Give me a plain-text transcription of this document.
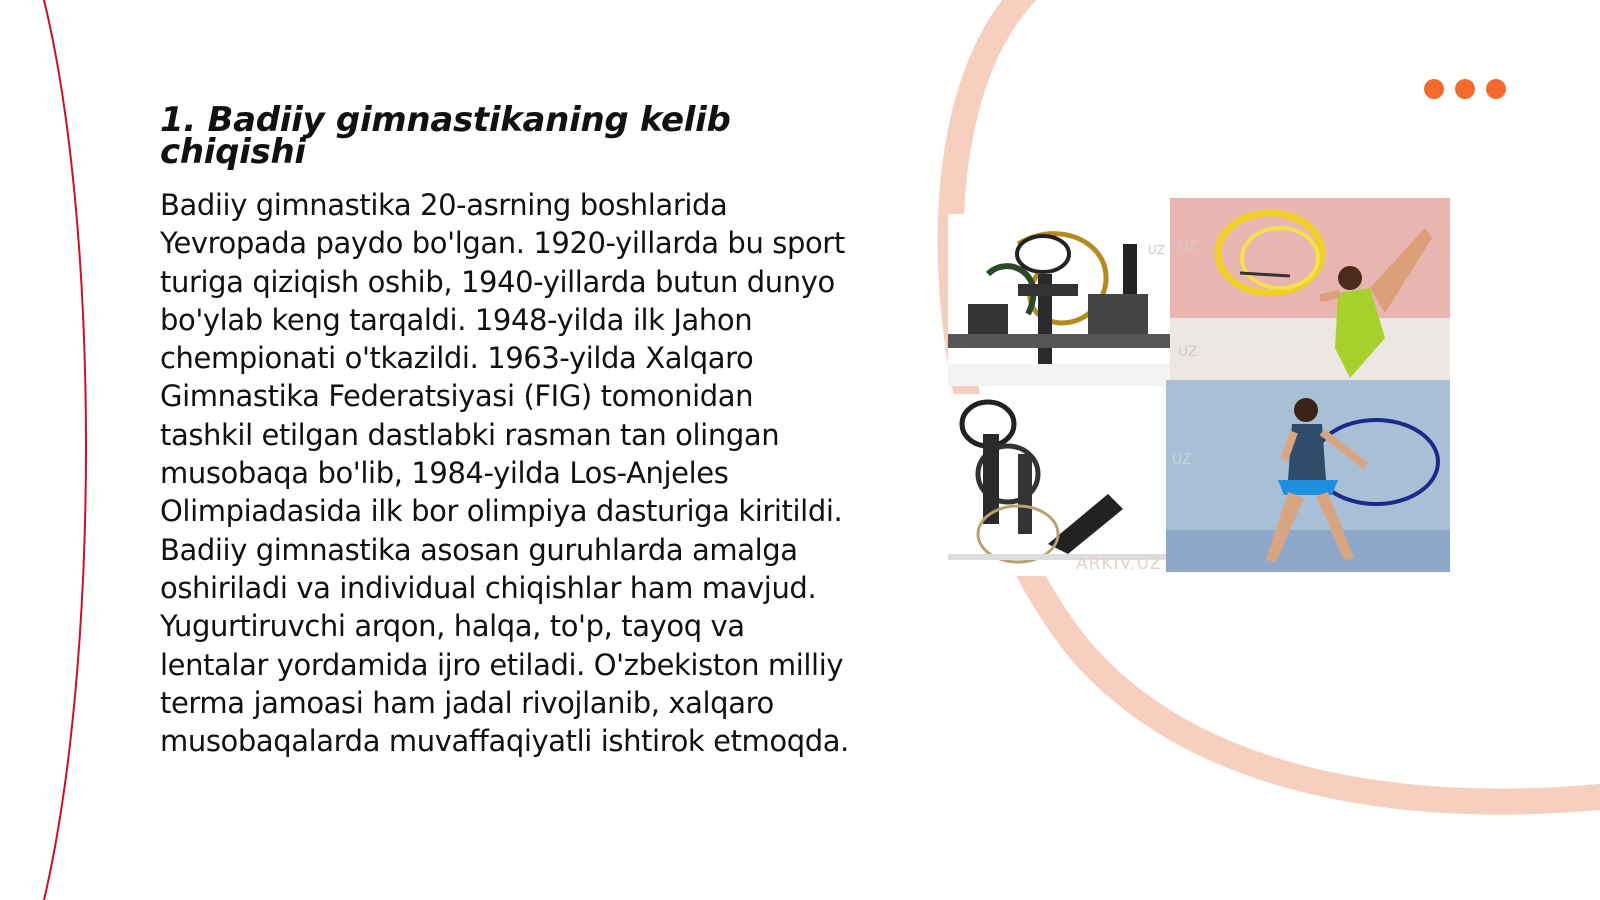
1. Badiiy gimnastikaning kelib chiqishi
Badiiy gimnastika 20-asrning boshlarida Yevropada paydo bo'lgan. 1920-yillarda bu sport turiga qiziqish oshib, 1940-yillarda butun dunyo bo'ylab keng tarqaldi. 1948-yilda ilk Jahon chempionati o'tkazildi. 1963-yilda Xalqaro Gimnastika Federatsiyasi (FIG) tomonidan tashkil etilgan dastlabki rasman tan olingan musobaqa bo'lib, 1984-yilda Los-Anjeles Olimpiadasida ilk bor olimpiya dasturiga kiritildi. Badiiy gimnastika asosan guruhlarda amalga oshiriladi va individual chiqishlar ham mavjud. Yugurtiruvchi arqon, halqa, to'p, tayoq va lentalar yordamida ijro etiladi. O'zbekiston milliy terma jamoasi ham jadal rivojlanib, xalqaro musobaqalarda muvaffaqiyatli ishtirok etmoqda.
UZ UZ
UZ
UZ
ARKIV.UZ
